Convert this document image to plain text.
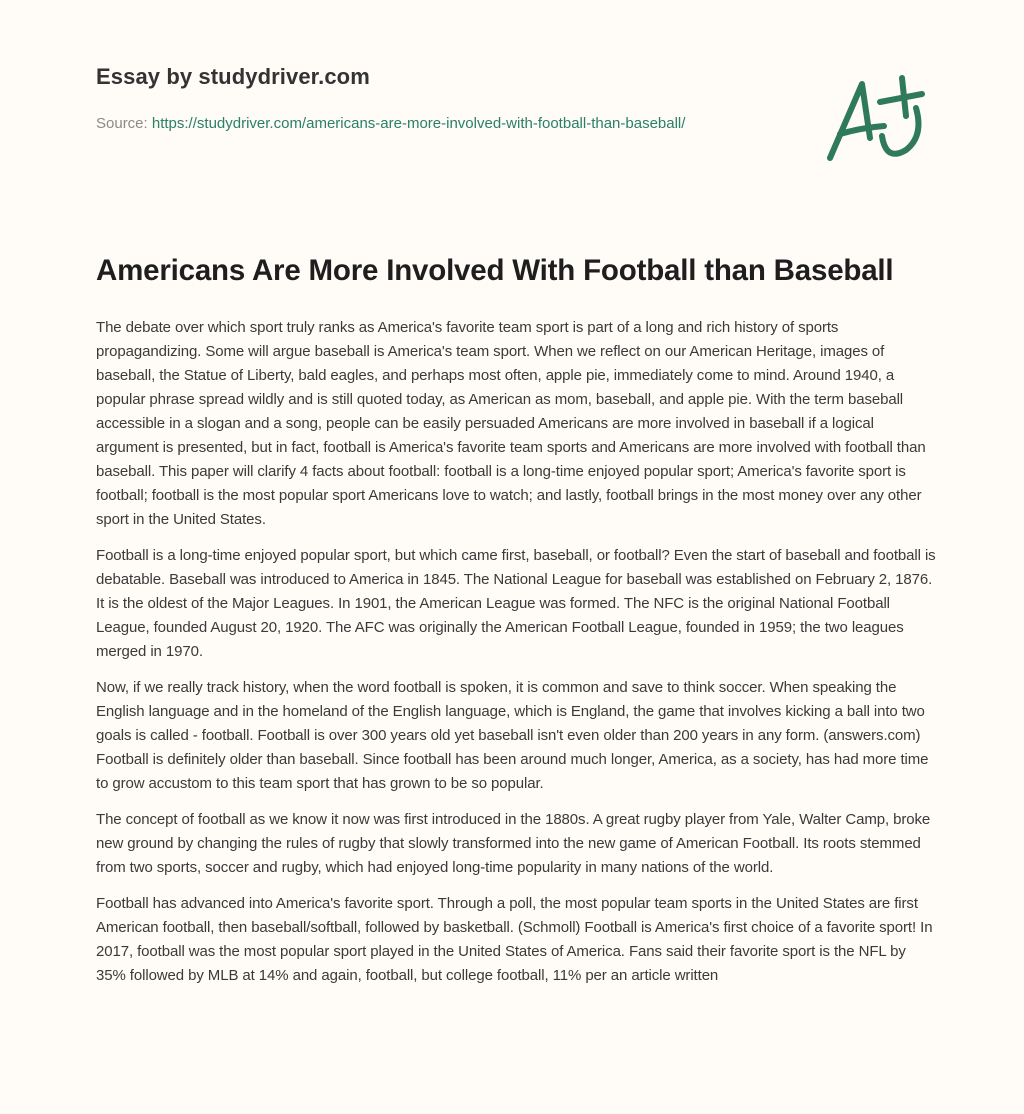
Essay by studydriver.com
Source: https://studydriver.com/americans-are-more-involved-with-football-than-baseball/
Americans Are More Involved With Football than Baseball

The debate over which sport truly ranks as America's favorite team sport is part of a long and rich history of sports propagandizing. Some will argue baseball is America's team sport. When we reflect on our American Heritage, images of baseball, the Statue of Liberty, bald eagles, and perhaps most often, apple pie, immediately come to mind. Around 1940, a popular phrase spread wildly and is still quoted today, as American as mom, baseball, and apple pie. With the term baseball accessible in a slogan and a song, people can be easily persuaded Americans are more involved in baseball if a logical argument is presented, but in fact, football is America's favorite team sports and Americans are more involved with football than baseball. This paper will clarify 4 facts about football: football is a long-time enjoyed popular sport; America's favorite sport is football; football is the most popular sport Americans love to watch; and lastly, football brings in the most money over any other sport in the United States.

Football is a long-time enjoyed popular sport, but which came first, baseball, or football? Even the start of baseball and football is debatable. Baseball was introduced to America in 1845. The National League for baseball was established on February 2, 1876. It is the oldest of the Major Leagues. In 1901, the American League was formed. The NFC is the original National Football League, founded August 20, 1920. The AFC was originally the American Football League, founded in 1959; the two leagues merged in 1970.

Now, if we really track history, when the word football is spoken, it is common and save to think soccer. When speaking the English language and in the homeland of the English language, which is England, the game that involves kicking a ball into two goals is called - football. Football is over 300 years old yet baseball isn't even older than 200 years in any form. (answers.com) Football is definitely older than baseball. Since football has been around much longer, America, as a society, has had more time to grow accustom to this team sport that has grown to be so popular.

The concept of football as we know it now was first introduced in the 1880s. A great rugby player from Yale, Walter Camp, broke new ground by changing the rules of rugby that slowly transformed into the new game of American Football. Its roots stemmed from two sports, soccer and rugby, which had enjoyed long-time popularity in many nations of the world.

Football has advanced into America's favorite sport. Through a poll, the most popular team sports in the United States are first American football, then baseball/softball, followed by basketball. (Schmoll) Football is America's first choice of a favorite sport! In 2017, football was the most popular sport played in the United States of America. Fans said their favorite sport is the NFL by 35% followed by MLB at 14% and again, football, but college football, 11% per an article written
